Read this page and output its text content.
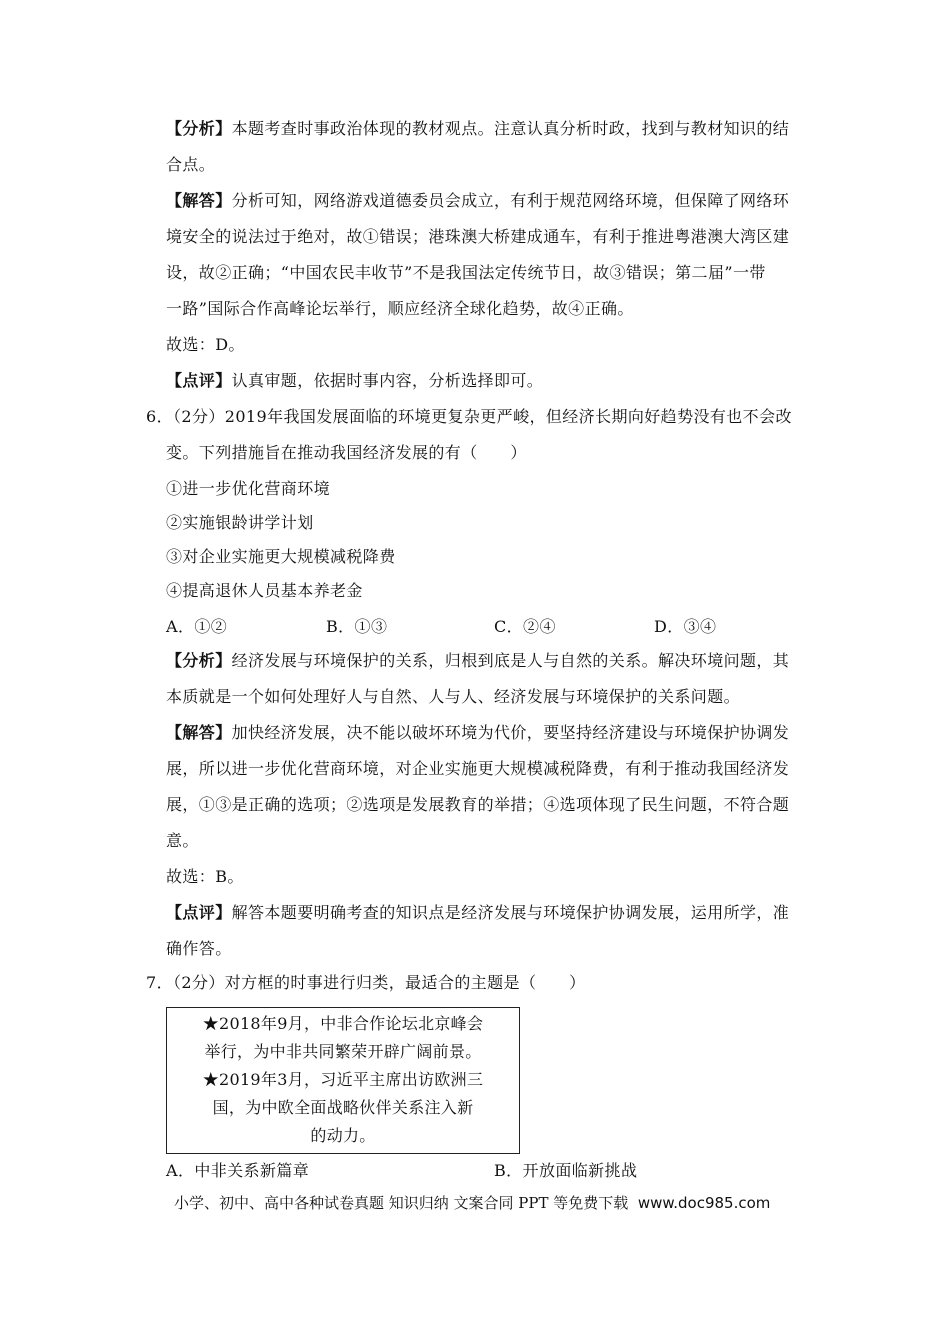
【分析】本题考查时事政治体现的教材观点。注意认真分析时政，找到与教材知识的结
合点。
【解答】分析可知，网络游戏道德委员会成立，有利于规范网络环境，但保障了网络环
境安全的说法过于绝对，故①错误；港珠澳大桥建成通车，有利于推进粤港澳大湾区建
设，故②正确；“中国农民丰收节”不是我国法定传统节日，故③错误；第二届”一带
一路”国际合作高峰论坛举行，顺应经济全球化趋势，故④正确。
故选：D。
【点评】认真审题，依据时事内容，分析选择即可。
6．（2分）2019年我国发展面临的环境更复杂更严峻，但经济长期向好趋势没有也不会改
变。下列措施旨在推动我国经济发展的有（　　）
①进一步优化营商环境
②实施银龄讲学计划
③对企业实施更大规模减税降费
④提高退休人员基本养老金
A．①②	B．①③	C．②④	D．③④
【分析】经济发展与环境保护的关系，归根到底是人与自然的关系。解决环境问题，其
本质就是一个如何处理好人与自然、人与人、经济发展与环境保护的关系问题。
【解答】加快经济发展，决不能以破坏环境为代价，要坚持经济建设与环境保护协调发
展，所以进一步优化营商环境，对企业实施更大规模减税降费，有利于推动我国经济发
展，①③是正确的选项；②选项是发展教育的举措；④选项体现了民生问题，不符合题
意。
故选：B。
【点评】解答本题要明确考查的知识点是经济发展与环境保护协调发展，运用所学，准
确作答。
7．（2分）对方框的时事进行归类，最适合的主题是（　　）
★2018年9月，中非合作论坛北京峰会
举行，为中非共同繁荣开辟广阔前景。
★2019年3月，习近平主席出访欧洲三
国，为中欧全面战略伙伴关系注入新
的动力。
A．中非关系新篇章	B．开放面临新挑战
小学、初中、高中各种试卷真题 知识归纳 文案合同 PPT 等免费下载 www.doc985.com
